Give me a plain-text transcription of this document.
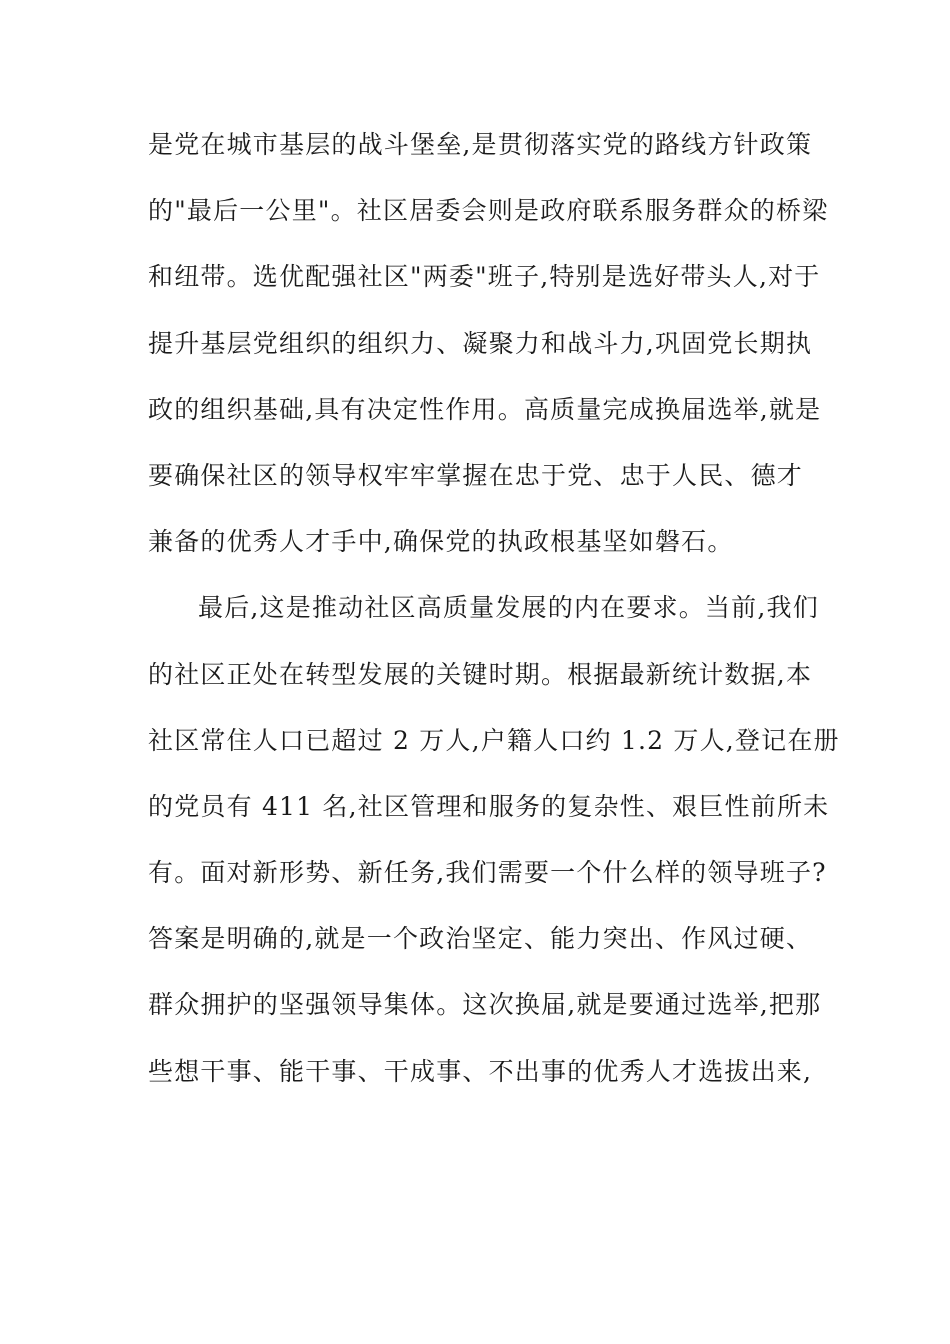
是党在城市基层的战斗堡垒,是贯彻落实党的路线方针政策
的"最后一公里"。社区居委会则是政府联系服务群众的桥梁
和纽带。选优配强社区"两委"班子,特别是选好带头人,对于
提升基层党组织的组织力、凝聚力和战斗力,巩固党长期执
政的组织基础,具有决定性作用。高质量完成换届选举,就是
要确保社区的领导权牢牢掌握在忠于党、忠于人民、德才
兼备的优秀人才手中,确保党的执政根基坚如磐石。
最后,这是推动社区高质量发展的内在要求。当前,我们
的社区正处在转型发展的关键时期。根据最新统计数据,本
社区常住人口已超过 2 万人,户籍人口约 1.2 万人,登记在册
的党员有 411 名,社区管理和服务的复杂性、艰巨性前所未
有。面对新形势、新任务,我们需要一个什么样的领导班子?
答案是明确的,就是一个政治坚定、能力突出、作风过硬、
群众拥护的坚强领导集体。这次换届,就是要通过选举,把那
些想干事、能干事、干成事、不出事的优秀人才选拔出来,
